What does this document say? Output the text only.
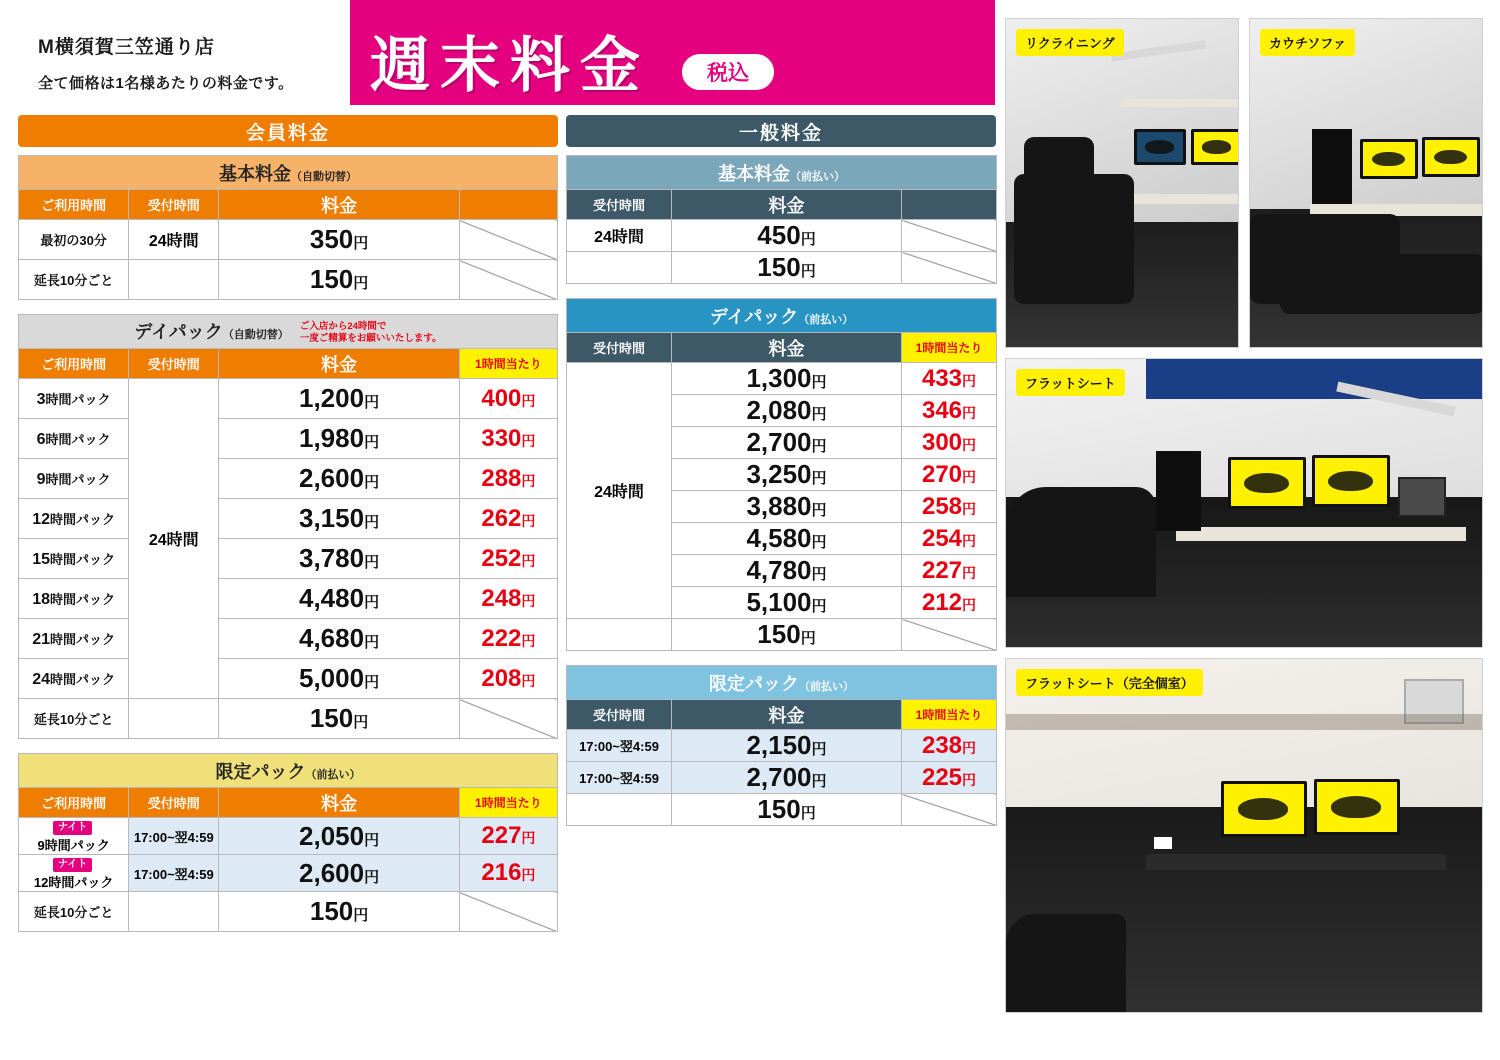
M横須賀三笠通り店
全て価格は1名様あたりの料金です。 週末料金	税込
会員料金
基本料金（自動切替）			
ご利用時間	受付時間	料金	
最初の30分	24時間	350円	
延長10分ごと		150円	
デイパック（自動切替） ご入店から24時間で
一度ご精算をお願いいたします。			
ご利用時間	受付時間	料金	1時間当たり
3時間パック	24時間	1,200円	400円
6時間パック		1,980円	330円
9時間パック		2,600円	288円
12時間パック		3,150円	262円
15時間パック		3,780円	252円
18時間パック		4,480円	248円
21時間パック		4,680円	222円
24時間パック		5,000円	208円
延長10分ごと		150円	
限定パック（前払い）			
ご利用時間	受付時間	料金	1時間当たり
ナイト
9時間パック	17:00~翌4:59	2,050円	227円
ナイト
12時間パック	17:00~翌4:59	2,600円	216円
延長10分ごと		150円	
一般料金
基本料金（前払い）		
受付時間	料金	
24時間	450円	
	150円	
デイパック（前払い）		
受付時間	料金	1時間当たり
24時間	1,300円	433円
	2,080円	346円
	2,700円	300円
	3,250円	270円
	3,880円	258円
	4,580円	254円
	4,780円	227円
	5,100円	212円
	150円	
限定パック（前払い）		
受付時間	料金	1時間当たり
17:00~翌4:59	2,150円	238円
17:00~翌4:59	2,700円	225円
	150円	
リクライニング	カウチソファ
フラットシート
フラットシート（完全個室）
